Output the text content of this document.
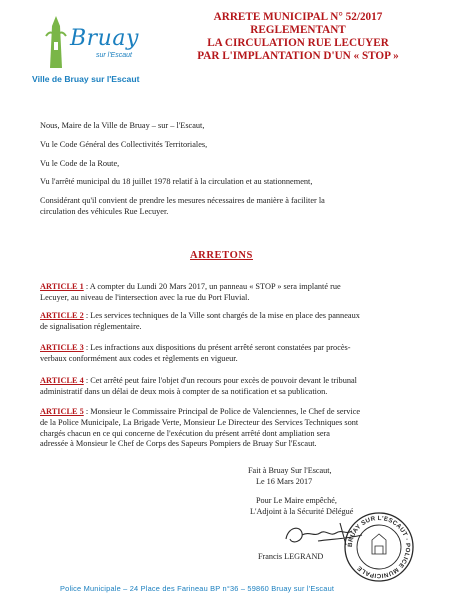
Bruay
sur l'Escaut
Ville de Bruay sur l'Escaut
ARRETE MUNICIPAL N° 52/2017
REGLEMENTANT
LA CIRCULATION RUE LECUYER
PAR L'IMPLANTATION D'UN « STOP »
Nous, Maire de la Ville de Bruay – sur – l'Escaut,
Vu le Code Général des Collectivités Territoriales,
Vu le Code de la Route,
Vu l'arrêté municipal du 18 juillet 1978 relatif à la circulation et au stationnement,
Considérant qu'il convient de prendre les mesures nécessaires de manière à faciliter la
circulation des véhicules Rue Lecuyer.
ARRETONS
ARTICLE 1 : A compter du Lundi 20 Mars 2017, un panneau « STOP » sera implanté rue
Lecuyer, au niveau de l'intersection avec la rue du Port Fluvial.
ARTICLE 2 : Les services techniques de la Ville sont chargés de la mise en place des panneaux
de signalisation réglementaire.
ARTICLE 3 : Les infractions aux dispositions du présent arrêté seront constatées par procès-
verbaux conformément aux codes et règlements en vigueur.
ARTICLE 4 : Cet arrêté peut faire l'objet d'un recours pour excès de pouvoir devant le tribunal
administratif dans un délai de deux mois à compter de sa notification et sa publication.
ARTICLE 5 : Monsieur le Commissaire Principal de Police de Valenciennes, le Chef de service
de la Police Municipale, La Brigade Verte, Monsieur Le Directeur des Services Techniques sont
chargés chacun en ce qui concerne de l'exécution du présent arrêté dont ampliation sera
adressée à Monsieur le Chef de Corps des Sapeurs Pompiers de Bruay Sur l'Escaut.
Fait à Bruay Sur l'Escaut,
Le 16 Mars 2017
Pour Le Maire empêché,
L'Adjoint à la Sécurité Délégué
Francis LEGRAND
BRUAY SUR L'ESCAUT · POLICE MUNICIPALE
Police Municipale – 24 Place des Farineau BP n°36 – 59860 Bruay sur l'Escaut
